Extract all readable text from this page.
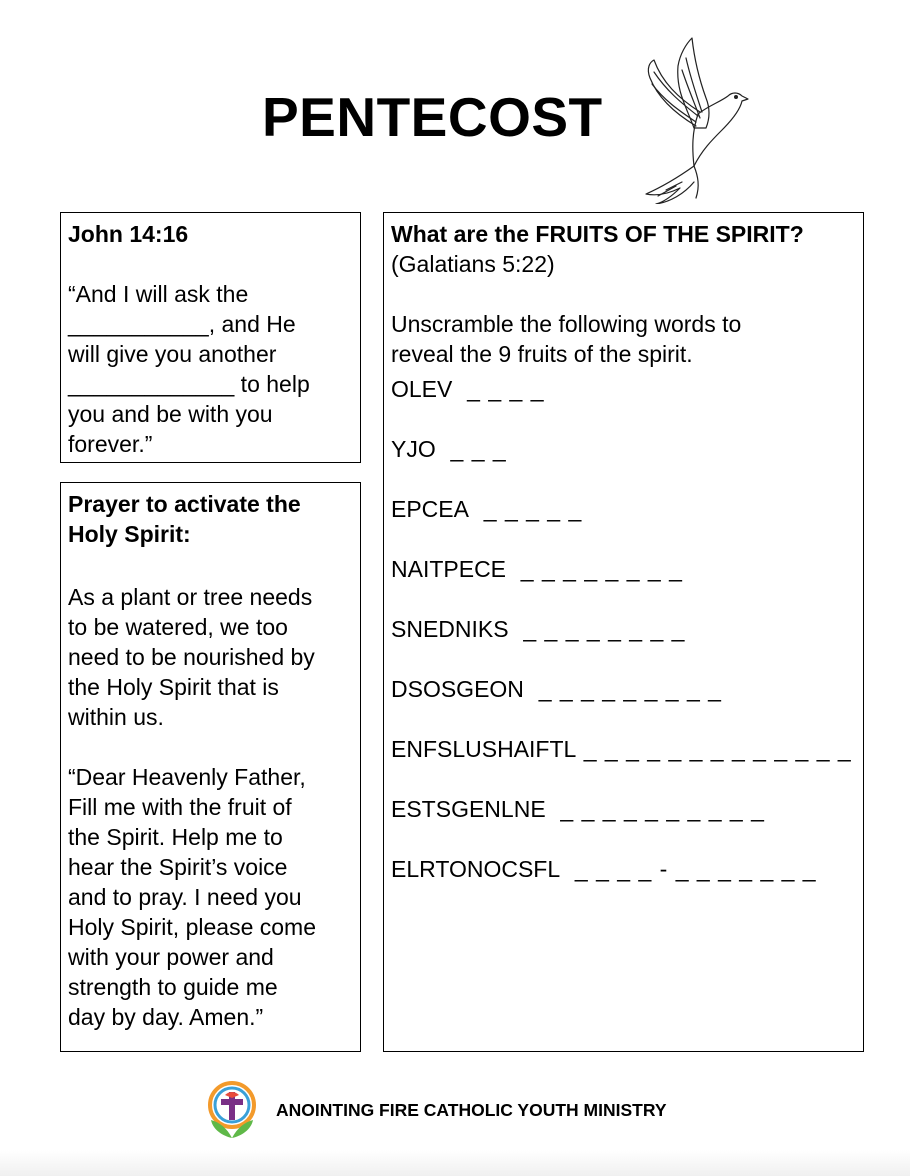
PENTECOST
John 14:16
“And I will ask the
___________, and He
will give you another
_____________ to help
you and be with you
forever.”
Prayer to activate the
Holy Spirit:
As a plant or tree needs
to be watered, we too
need to be nourished by
the Holy Spirit that is
within us.
“Dear Heavenly Father,
Fill me with the fruit of
the Spirit. Help me to
hear the Spirit’s voice
and to pray. I need you
Holy Spirit, please come
with your power and
strength to guide me
day by day. Amen.”
What are the FRUITS OF THE SPIRIT?
(Galatians 5:22)
Unscramble the following words to
reveal the 9 fruits of the spirit.
OLEV _ _ _ _
YJO _ _ _
EPCEA _ _ _ _ _
NAITPECE _ _ _ _ _ _ _ _
SNEDNIKS _ _ _ _ _ _ _ _
DSOSGEON _ _ _ _ _ _ _ _ _
ENFSLUSHAIFTL _ _ _ _ _ _ _ _ _ _ _ _ _
ESTSGENLNE _ _ _ _ _ _ _ _ _ _
ELRTONOCSFL _ _ _ _ - _ _ _ _ _ _ _
ANOINTING FIRE CATHOLIC YOUTH MINISTRY
